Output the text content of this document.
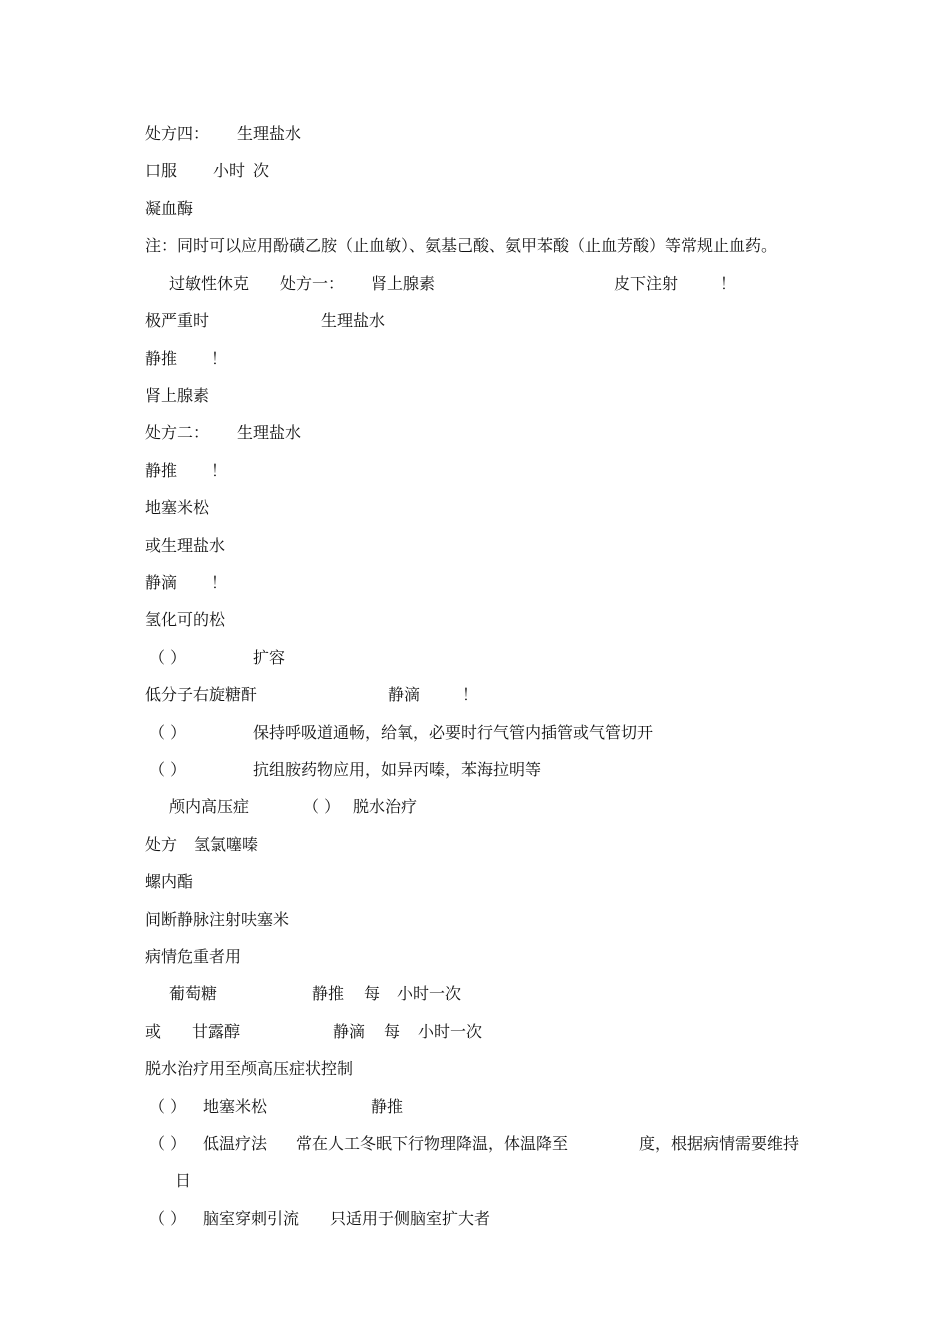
处方四： 生理盐水
口服 小时 次
凝血酶
注：同时可以应用酚磺乙胺（止血敏）、氨基己酸、氨甲苯酸（止血芳酸）等常规止血药。
过敏性休克 处方一： 肾上腺素	皮下注射	！
极严重时	生理盐水
静推 ！
肾上腺素
处方二： 生理盐水
静推 ！
地塞米松
或生理盐水
静滴 ！
氢化可的松
（ ）	扩容
低分子右旋糖酐	静滴	！
（ ）	保持呼吸道通畅，给氧，必要时行气管内插管或气管切开
（ ）	抗组胺药物应用，如异丙嗪，苯海拉明等
颅内高压症	（ ） 脱水治疗
处方 氢氯噻嗪
螺内酯
间断静脉注射呋塞米
病情危重者用
葡萄糖	静推 每 小时一次
或 甘露醇	静滴 每 小时一次
脱水治疗用至颅高压症状控制
（ ） 地塞米松	静推
（ ） 低温疗法 常在人工冬眠下行物理降温，体温降至	度，根据病情需要维持
日
（ ） 脑室穿刺引流 只适用于侧脑室扩大者
